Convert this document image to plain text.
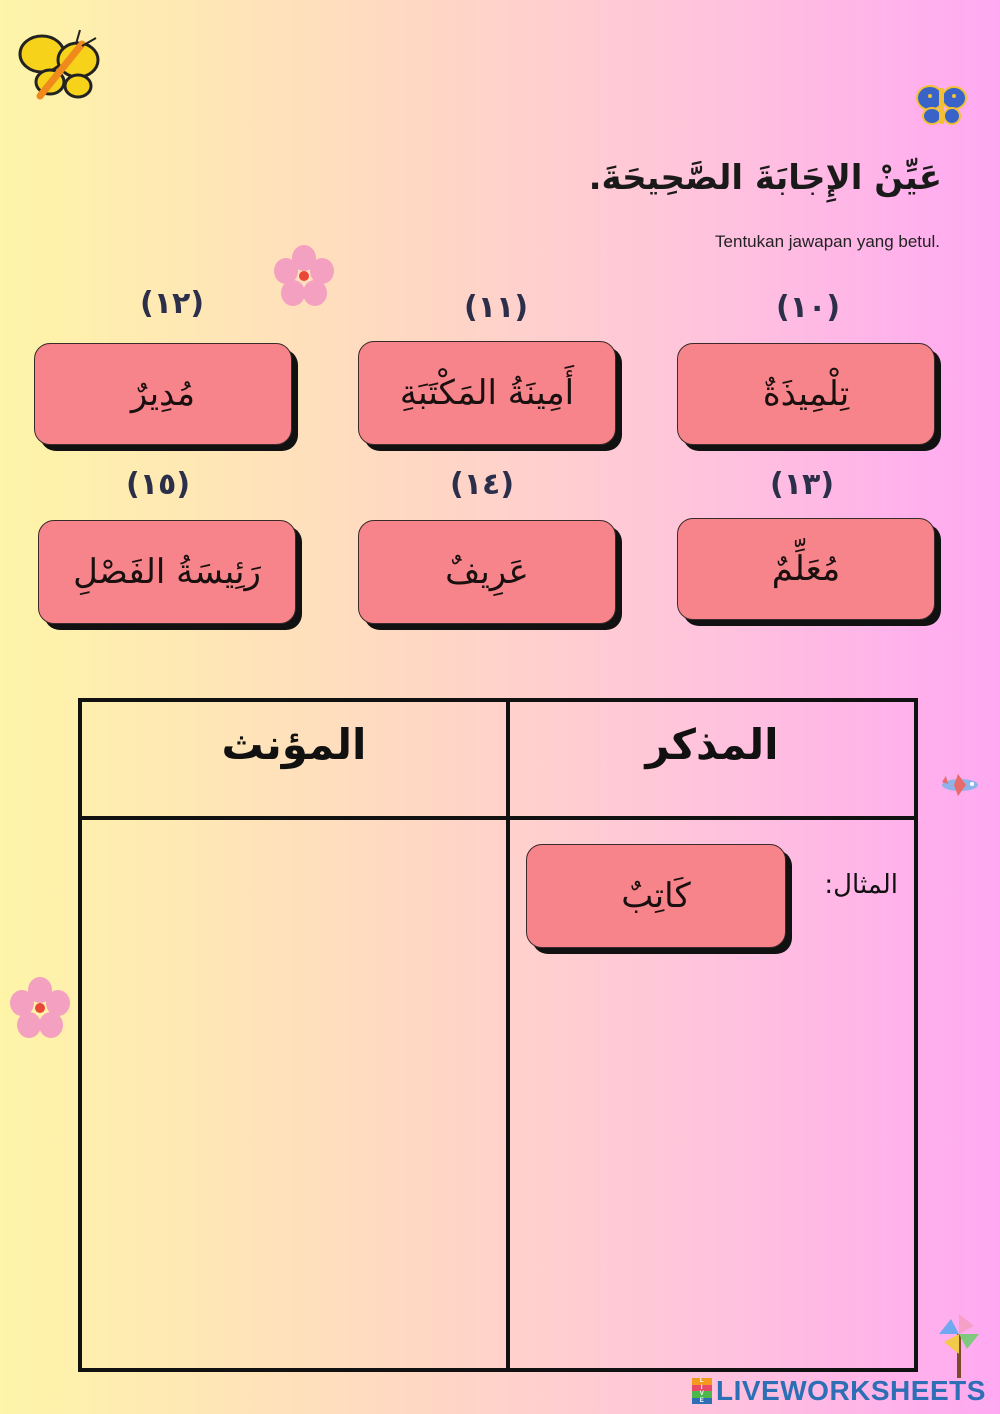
عَيِّنْ الإِجَابَةَ الصَّحِيحَةَ.
Tentukan jawapan yang betul.
(١٠)
(١١)
(١٢)
تِلْمِيذَةٌ
أَمِينَةُ المَكْتَبَةِ
مُدِيرٌ
(١٣)
(١٤)
(١٥)
مُعَلِّمٌ
عَرِيفٌ
رَئِيسَةُ الفَصْلِ
المؤنث	المذكر
المثال:
كَاتِبٌ
L
I
V
E LIVEWORKSHEETS
